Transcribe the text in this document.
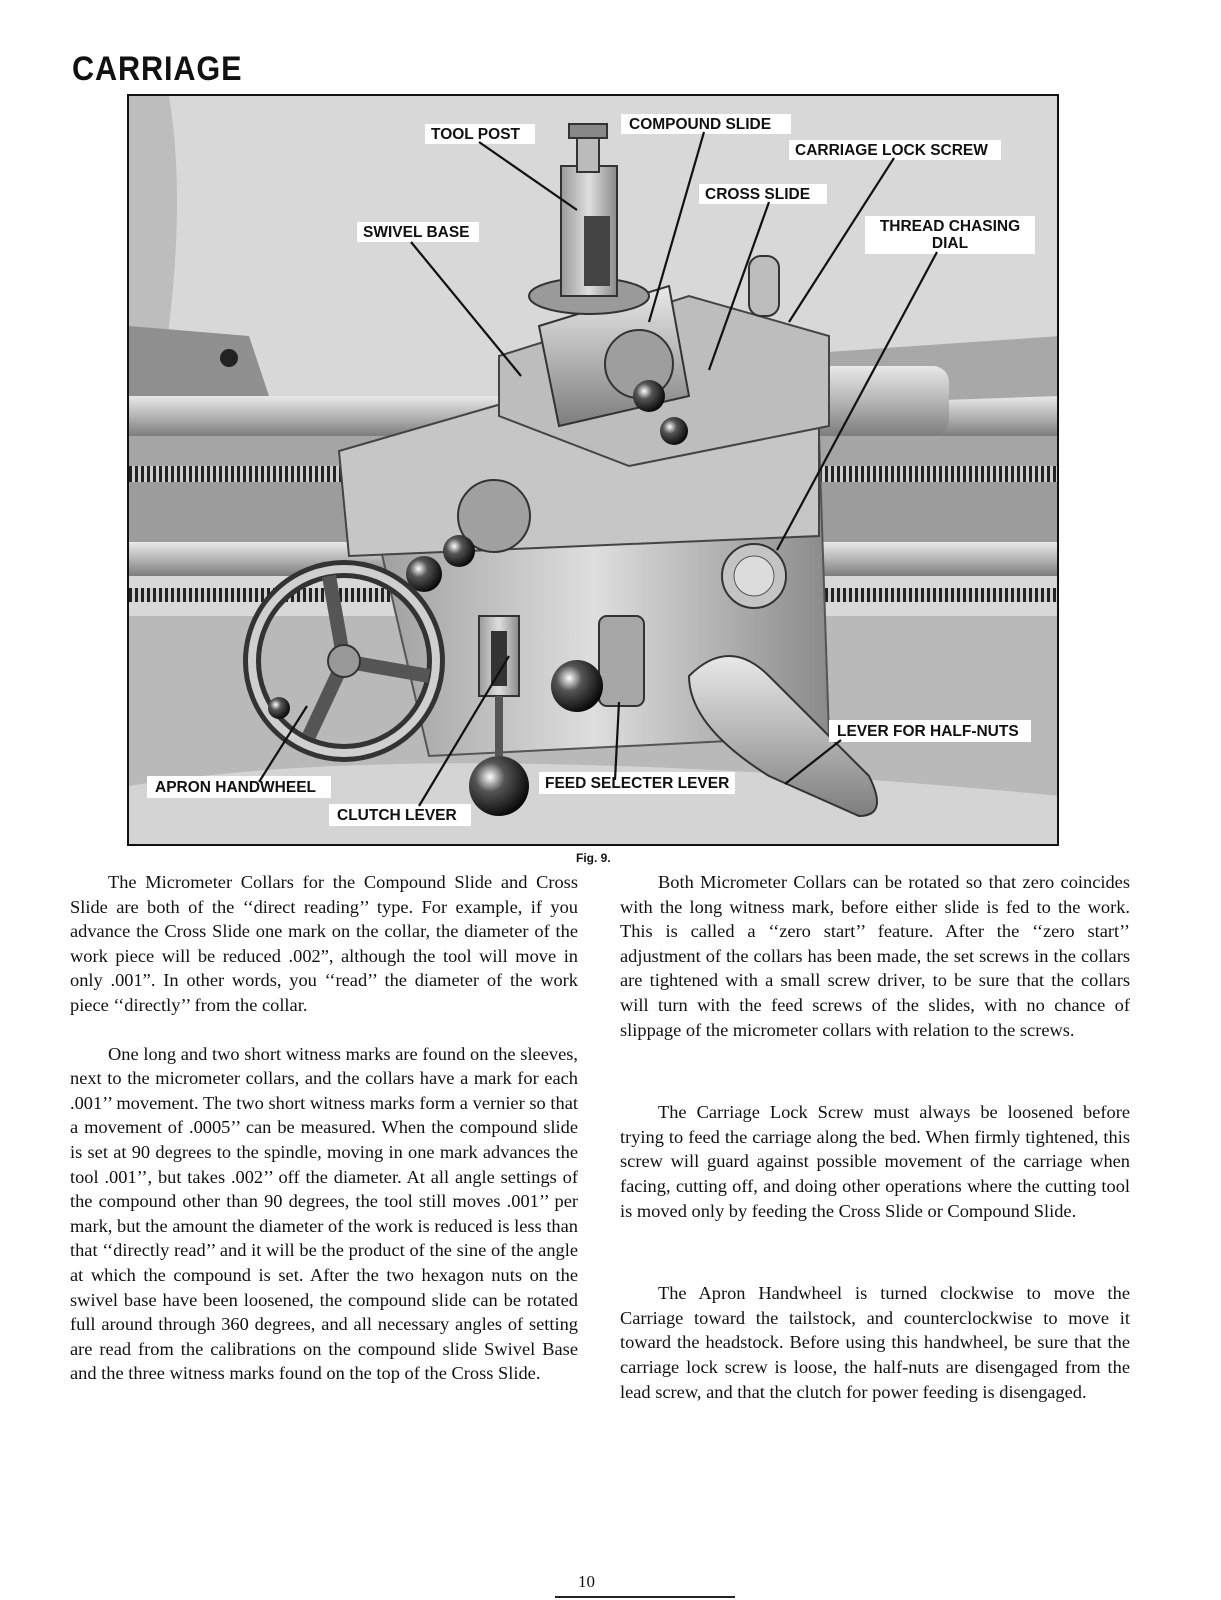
CARRIAGE
TOOL POST
COMPOUND SLIDE
CARRIAGE LOCK SCREW
CROSS SLIDE
SWIVEL BASE	THREAD CHASING DIAL
LEVER FOR HALF-NUTS
APRON HANDWHEEL	FEED SELECTER LEVER
CLUTCH LEVER
Fig. 9.

The Micrometer Collars for the Compound Slide and Cross Slide are both of the ‘‘direct reading’’ type. For example, if you advance the Cross Slide one mark on the collar, the diameter of the work piece will be reduced .002”, although the tool will move in only .001”. In other words, you ‘‘read’’ the diameter of the work piece ‘‘directly’’ from the collar.

One long and two short witness marks are found on the sleeves, next to the micrometer collars, and the collars have a mark for each .001’’ movement. The two short witness marks form a vernier so that a movement of .0005’’ can be measured. When the compound slide is set at 90 degrees to the spindle, moving in one mark advances the tool .001’’, but takes .002’’ off the diameter. At all angle settings of the compound other than 90 degrees, the tool still moves .001’’ per mark, but the amount the diameter of the work is reduced is less than that ‘‘directly read’’ and it will be the product of the sine of the angle at which the compound is set. After the two hexagon nuts on the swivel base have been loosened, the compound slide can be rotated full around through 360 degrees, and all necessary angles of setting are read from the calibrations on the compound slide Swivel Base and the three witness marks found on the top of the Cross Slide.

Both Micrometer Collars can be rotated so that zero coincides with the long witness mark, before either slide is fed to the work. This is called a ‘‘zero start’’ feature. After the ‘‘zero start’’ adjustment of the collars has been made, the set screws in the collars are tightened with a small screw driver, to be sure that the collars will turn with the feed screws of the slides, with no chance of slippage of the micrometer collars with relation to the screws.

The Carriage Lock Screw must always be loosened before trying to feed the carriage along the bed. When firmly tightened, this screw will guard against possible movement of the carriage when facing, cutting off, and doing other operations where the cutting tool is moved only by feeding the Cross Slide or Compound Slide.

The Apron Handwheel is turned clockwise to move the Carriage toward the tailstock, and counterclockwise to move it toward the headstock. Before using this handwheel, be sure that the carriage lock screw is loose, the half-nuts are disengaged from the lead screw, and that the clutch for power feeding is disengaged.

10
